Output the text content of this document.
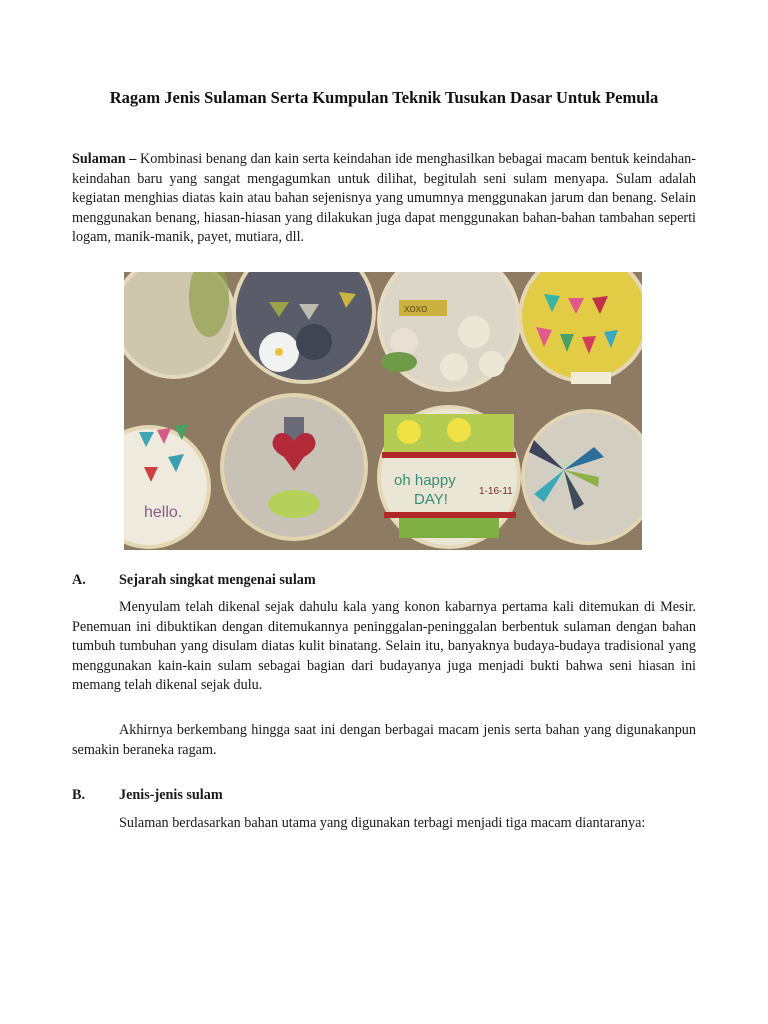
Ragam Jenis Sulaman Serta Kumpulan Teknik Tusukan Dasar Untuk Pemula

Sulaman – Kombinasi benang dan kain serta keindahan ide menghasilkan bebagai macam bentuk keindahan-keindahan baru yang sangat mengagumkan untuk dilihat, begitulah seni sulam menyapa. Sulam adalah kegiatan menghias diatas kain atau bahan sejenisnya yang umumnya menggunakan jarum dan benang. Selain menggunakan benang, hiasan-hiasan yang dilakukan juga dapat menggunakan bahan-bahan tambahan seperti logam, manik-manik, payet, mutiara, dll.

xoxo
hello.
oh happy
DAY!	1-16-11
A. Sejarah singkat mengenai sulam

Menyulam telah dikenal sejak dahulu kala yang konon kabarnya pertama kali ditemukan di Mesir. Penemuan ini dibuktikan dengan ditemukannya peninggalan-peninggalan berbentuk sulaman dengan bahan tumbuh tumbuhan yang disulam diatas kulit binatang. Selain itu, banyaknya budaya-budaya tradisional yang menggunakan kain-kain sulam sebagai bagian dari budayanya juga menjadi bukti bahwa seni hiasan ini memang telah dikenal sejak dulu.

Akhirnya berkembang hingga saat ini dengan berbagai macam jenis serta bahan yang digunakanpun semakin beraneka ragam.

B. Jenis-jenis sulam

Sulaman berdasarkan bahan utama yang digunakan terbagi menjadi tiga macam diantaranya:
